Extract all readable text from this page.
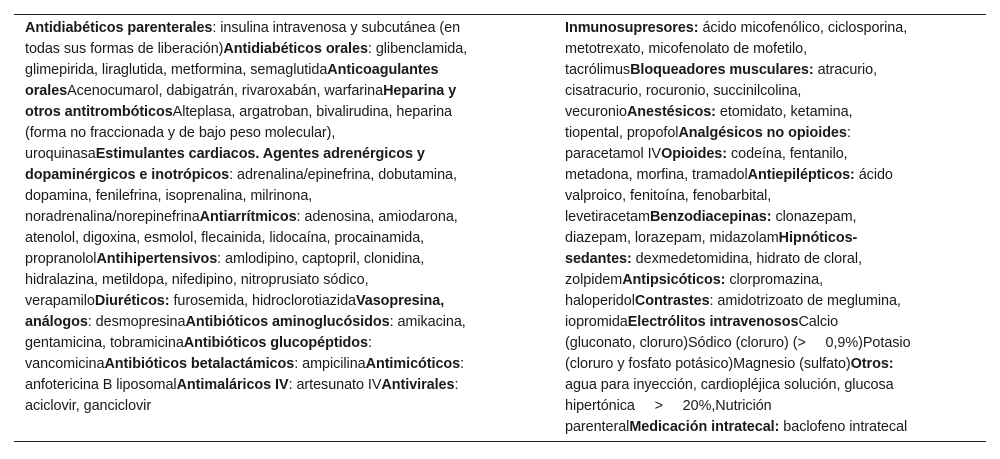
Antidiabéticos parenterales: insulina intravenosa y subcutánea (en
todas sus formas de liberación)Antidiabéticos orales: glibenclamida,
glimepirida, liraglutida, metformina, semaglutidaAnticoagulantes
oralesAcenocumarol, dabigatrán, rivaroxabán, warfarinaHeparina y
otros antitrombóticosAlteplasa, argatroban, bivalirudina, heparina
(forma no fraccionada y de bajo peso molecular),
uroquinasaEstimulantes cardiacos. Agentes adrenérgicos y
dopaminérgicos e inotrópicos: adrenalina/epinefrina, dobutamina,
dopamina, fenilefrina, isoprenalina, milrinona,
noradrenalina/norepinefrinaAntiarrítmicos: adenosina, amiodarona,
atenolol, digoxina, esmolol, flecainida, lidocaína, procainamida,
propranololAntihipertensivos: amlodipino, captopril, clonidina,
hidralazina, metildopa, nifedipino, nitroprusiato sódico,
verapamiloDiuréticos: furosemida, hidroclorotiazidaVasopresina,
análogos: desmopresinaAntibióticos aminoglucósidos: amikacina,
gentamicina, tobramicinaAntibióticos glucopéptidos:
vancomicinaAntibióticos betalactámicos: ampicilinaAntimicóticos:
anfotericina B liposomalAntimaláricos IV: artesunato IVAntivirales:
aciclovir, ganciclovir
Inmunosupresores: ácido micofenólico, ciclosporina,
metotrexato, micofenolato de mofetilo,
tacrólimusBloqueadores musculares: atracurio,
cisatracurio, rocuronio, succinilcolina,
vecuronioAnestésicos: etomidato, ketamina,
tiopental, propofolAnalgésicos no opioides:
paracetamol IVOpioides: codeína, fentanilo,
metadona, morfina, tramadolAntiepilépticos: ácido
valproico, fenitoína, fenobarbital,
levetiracetamBenzodiacepinas: clonazepam,
diazepam, lorazepam, midazolamHipnóticos-
sedantes: dexmedetomidina, hidrato de cloral,
zolpidemAntipsicóticos: clorpromazina,
haloperidolContrastes: amidotrizoato de meglumina,
iopromidaElectrólitos intravenososCalcio
(gluconato, cloruro)Sódico (cloruro) (>     0,9%)Potasio
(cloruro y fosfato potásico)Magnesio (sulfato)Otros:
agua para inyección, cardiopléjica solución, glucosa
hipertónica     >     20%,Nutrición
parenteralMedicación intratecal: baclofeno intratecal
